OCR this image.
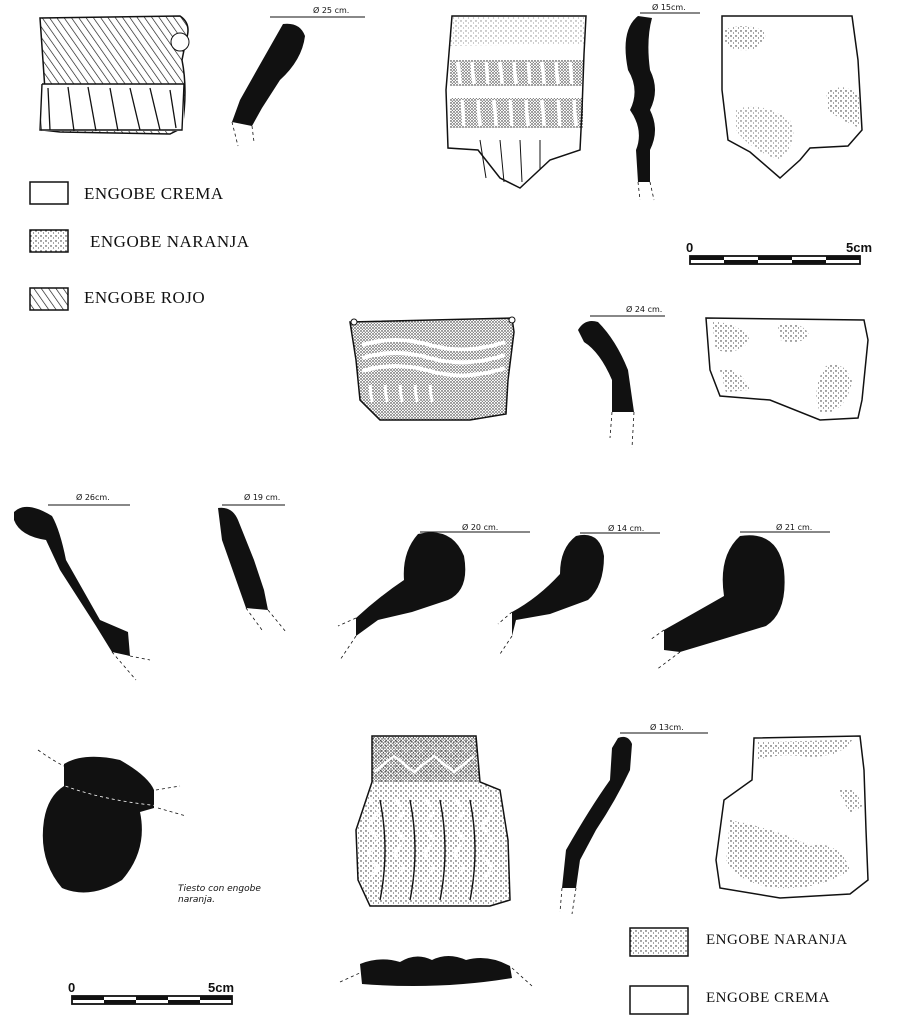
Ø 25 cm.	Ø 15cm.
0	5cm
Ø 24 cm.
Ø 26cm.	Ø 19 cm.
Ø 20 cm.	Ø 14 cm.	Ø 21 cm.
Ø 13cm.
0	5cm
ENGOBE CREMA
ENGOBE NARANJA
ENGOBE ROJO
ENGOBE NARANJA
ENGOBE CREMA
Tiesto con engobe
naranja.
